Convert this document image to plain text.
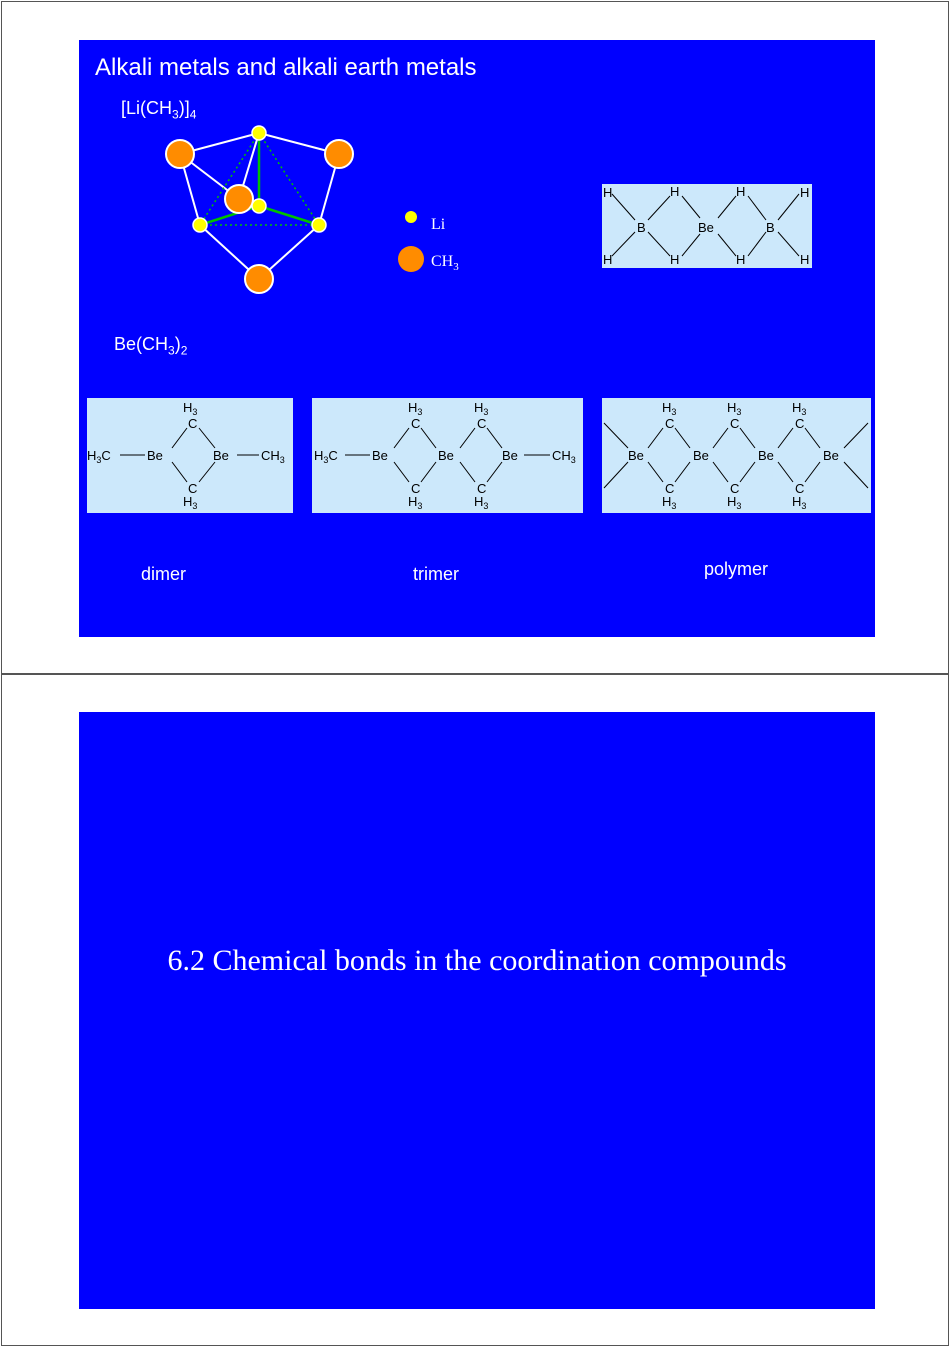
Alkali metals and alkali earth metals
$[Li(CH_3)]_4$
Li
$CH_3$
H
H
B
H
H
Be
H
H
B
H
H
$Be(CH_3)_2$
$H_3C$	Be
$H_3$
C
C
$H_3$
Be $CH_3$ $H_3C$	Be
$H_3$
C
C
$H_3$
Be
$H_3$
C
C
$H_3$
Be	$CH_3$	Be
$H_3$
C
C
$H_3$
Be
$H_3$
C
C
$H_3$
Be
$H_3$
C
C
$H_3$
Be
dimer	trimer	polymer
6.2 Chemical bonds in the coordination compounds
